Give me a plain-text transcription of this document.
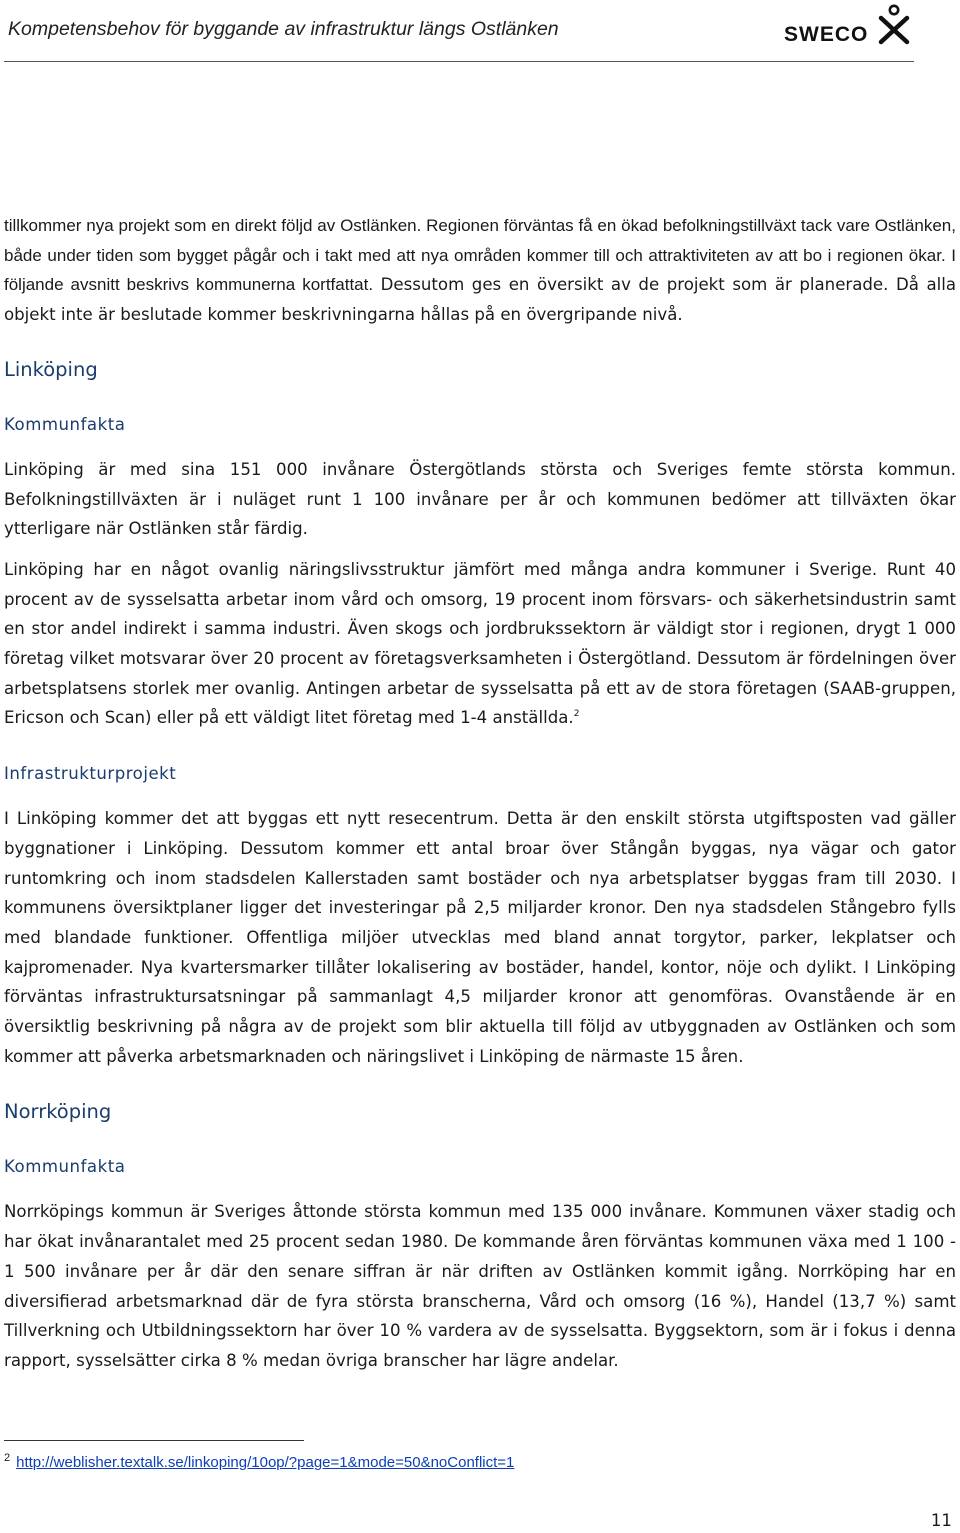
Kompetensbehov för byggande av infrastruktur längs Ostlänken	SWECO

tillkommer nya projekt som en direkt följd av Ostlänken. Regionen förväntas få en ökad befolkningstillväxt tack vare Ostlänken, både under tiden som bygget pågår och i takt med att nya områden kommer till och attraktiviteten av att bo i regionen ökar. I följande avsnitt beskrivs kommunerna kortfattat. Dessutom ges en översikt av de projekt som är planerade. Då alla objekt inte är beslutade kommer beskrivningarna hållas på en övergripande nivå.

Linköping
Kommunfakta

Linköping är med sina 151 000 invånare Östergötlands största och Sveriges femte största kommun. Befolkningstillväxten är i nuläget runt 1 100 invånare per år och kommunen bedömer att tillväxten ökar ytterligare när Ostlänken står färdig.

Linköping har en något ovanlig näringslivsstruktur jämfört med många andra kommuner i Sverige. Runt 40 procent av de sysselsatta arbetar inom vård och omsorg, 19 procent inom försvars- och säkerhetsindustrin samt en stor andel indirekt i samma industri. Även skogs och jordbrukssektorn är väldigt stor i regionen, drygt 1 000 företag vilket motsvarar över 20 procent av företagsverksamheten i Östergötland. Dessutom är fördelningen över arbetsplatsens storlek mer ovanlig. Antingen arbetar de sysselsatta på ett av de stora företagen (SAAB-gruppen, Ericson och Scan) eller på ett väldigt litet företag med 1-4 anställda.$^2$

Infrastrukturprojekt

I Linköping kommer det att byggas ett nytt resecentrum. Detta är den enskilt största utgiftsposten vad gäller byggnationer i Linköping. Dessutom kommer ett antal broar över Stångån byggas, nya vägar och gator runtomkring och inom stadsdelen Kallerstaden samt bostäder och nya arbetsplatser byggas fram till 2030. I kommunens översiktplaner ligger det investeringar på 2,5 miljarder kronor. Den nya stadsdelen Stångebro fylls med blandade funktioner. Offentliga miljöer utvecklas med bland annat torgytor, parker, lekplatser och kajpromenader. Nya kvartersmarker tillåter lokalisering av bostäder, handel, kontor, nöje och dylikt. I Linköping förväntas infrastruktursatsningar på sammanlagt 4,5 miljarder kronor att genomföras. Ovanstående är en översiktlig beskrivning på några av de projekt som blir aktuella till följd av utbyggnaden av Ostlänken och som kommer att påverka arbetsmarknaden och näringslivet i Linköping de närmaste 15 åren.

Norrköping
Kommunfakta

Norrköpings kommun är Sveriges åttonde största kommun med 135 000 invånare. Kommunen växer stadig och har ökat invånarantalet med 25 procent sedan 1980. De kommande åren förväntas kommunen växa med 1 100 - 1 500 invånare per år där den senare siffran är när driften av Ostlänken kommit igång. Norrköping har en diversifierad arbetsmarknad där de fyra största branscherna, Vård och omsorg (16 %), Handel (13,7 %) samt Tillverkning och Utbildningssektorn har över 10 % vardera av de sysselsatta. Byggsektorn, som är i fokus i denna rapport, sysselsätter cirka 8 % medan övriga branscher har lägre andelar.

$^2$ http://weblisher.textalk.se/linkoping/10op/?page=1&mode=50&noConflict=1
11
